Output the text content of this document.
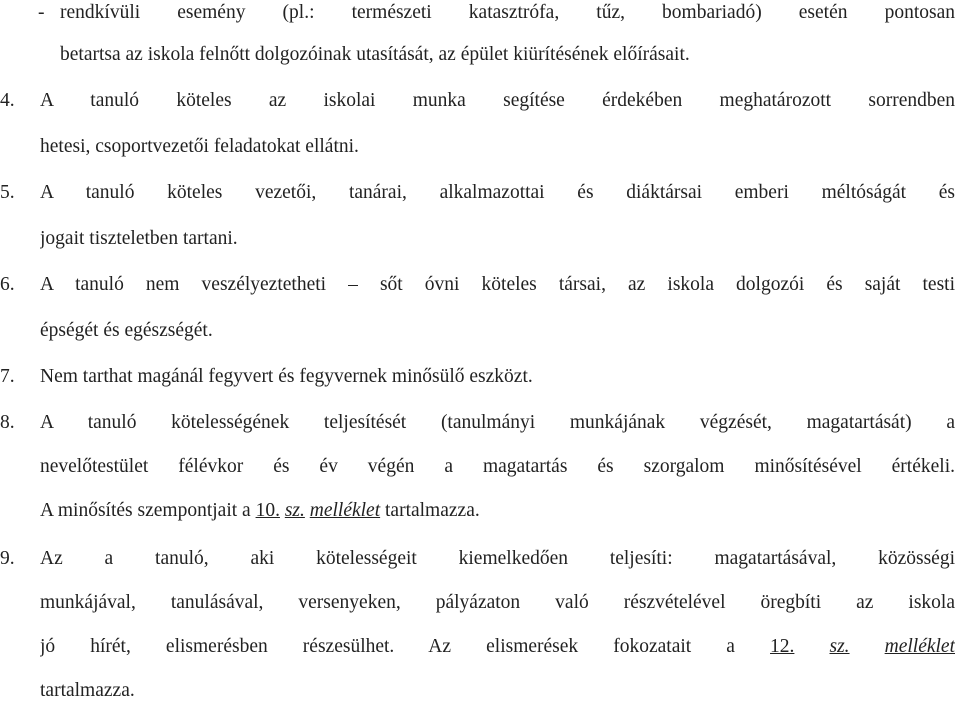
- rendkívüli esemény (pl.: természeti katasztrófa, tűz, bombariadó) esetén pontosan
betartsa az iskola felnőtt dolgozóinak utasítását, az épület kiürítésének előírásait.
4.	A tanuló köteles az iskolai munka segítése érdekében meghatározott sorrendben
hetesi, csoportvezetői feladatokat ellátni.
5.	A tanuló köteles vezetői, tanárai, alkalmazottai és diáktársai emberi méltóságát és
jogait tiszteletben tartani.
6.	A tanuló nem veszélyeztetheti – sőt óvni köteles társai, az iskola dolgozói és saját testi
épségét és egészségét.
7.	Nem tarthat magánál fegyvert és fegyvernek minősülő eszközt.
8.	A tanuló kötelességének teljesítését (tanulmányi munkájának végzését, magatartását) a
nevelőtestület félévkor és év végén a magatartás és szorgalom minősítésével értékeli.
A minősítés szempontjait a 10. sz. melléklet tartalmazza.
9.	Az a tanuló, aki kötelességeit kiemelkedően teljesíti: magatartásával, közösségi
munkájával, tanulásával, versenyeken, pályázaton való részvételével öregbíti az iskola
jó hírét, elismerésben részesülhet. Az elismerések fokozatait a 12. sz. melléklet
tartalmazza.
